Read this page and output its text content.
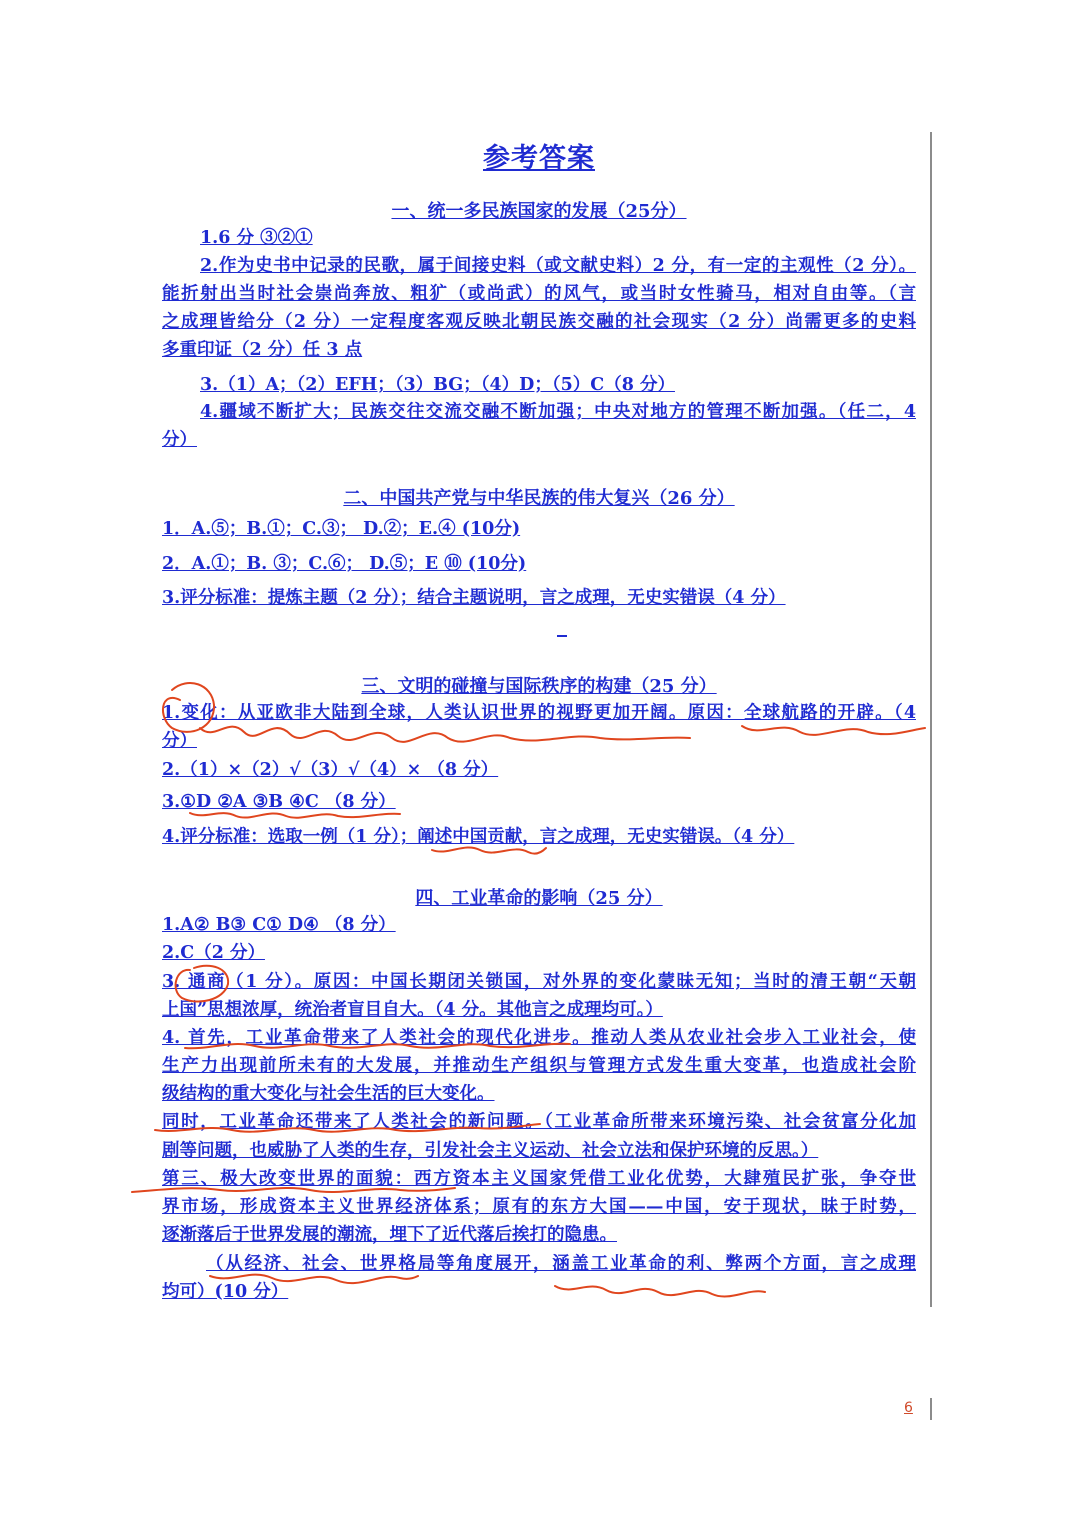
参考答案
一、统一多民族国家的发展（25分）
1.6 分 ③②①
2.作为史书中记录的民歌，属于间接史料（或文献史料）2 分，有一定的主观性（2 分）。
能折射出当时社会崇尚奔放、粗犷（或尚武）的风气，或当时女性骑马，相对自由等。（言
之成理皆给分（2 分）一定程度客观反映北朝民族交融的社会现实（2 分）尚需更多的史料
多重印证（2 分）任 3 点
3.（1）A；（2）EFH；（3）BG；（4）D；（5）C（8 分）
4.疆域不断扩大；民族交往交流交融不断加强；中央对地方的管理不断加强。（任二，4
分）
二、中国共产党与中华民族的伟大复兴（26 分）
1．A.⑤；B.①；C.③； D.②；E.④ (10分)
2．A.①；B. ③；C.⑥； D.⑤；E ⑩ (10分)
3.评分标准：提炼主题（2 分）；结合主题说明，言之成理，无史实错误（4 分）
三、文明的碰撞与国际秩序的构建（25 分）
1.变化：从亚欧非大陆到全球，人类认识世界的视野更加开阔。原因：全球航路的开辟。（4
分）
2.（1）×（2）√（3）√（4）× （8 分）
3.①D ②A ③B ④C （8 分）
4.评分标准：选取一例（1 分）；阐述中国贡献，言之成理，无史实错误。（4 分）
四、工业革命的影响（25 分）
1.A② B③ C① D④ （8 分）
2.C（2 分）
3. 通商（1 分）。原因：中国长期闭关锁国，对外界的变化蒙昧无知；当时的清王朝“天朝
上国”思想浓厚，统治者盲目自大。（4 分。其他言之成理均可。）
4. 首先，工业革命带来了人类社会的现代化进步。推动人类从农业社会步入工业社会，使
生产力出现前所未有的大发展，并推动生产组织与管理方式发生重大变革，也造成社会阶
级结构的重大变化与社会生活的巨大变化。
同时，工业革命还带来了人类社会的新问题。（工业革命所带来环境污染、社会贫富分化加
剧等问题，也威胁了人类的生存，引发社会主义运动、社会立法和保护环境的反思。）
第三、极大改变世界的面貌：西方资本主义国家凭借工业化优势，大肆殖民扩张，争夺世
界市场，形成资本主义世界经济体系；原有的东方大国——中国，安于现状，昧于时势，
逐渐落后于世界发展的潮流，埋下了近代落后挨打的隐患。
（从经济、社会、世界格局等角度展开，涵盖工业革命的利、弊两个方面，言之成理
均可）(10 分）
6
